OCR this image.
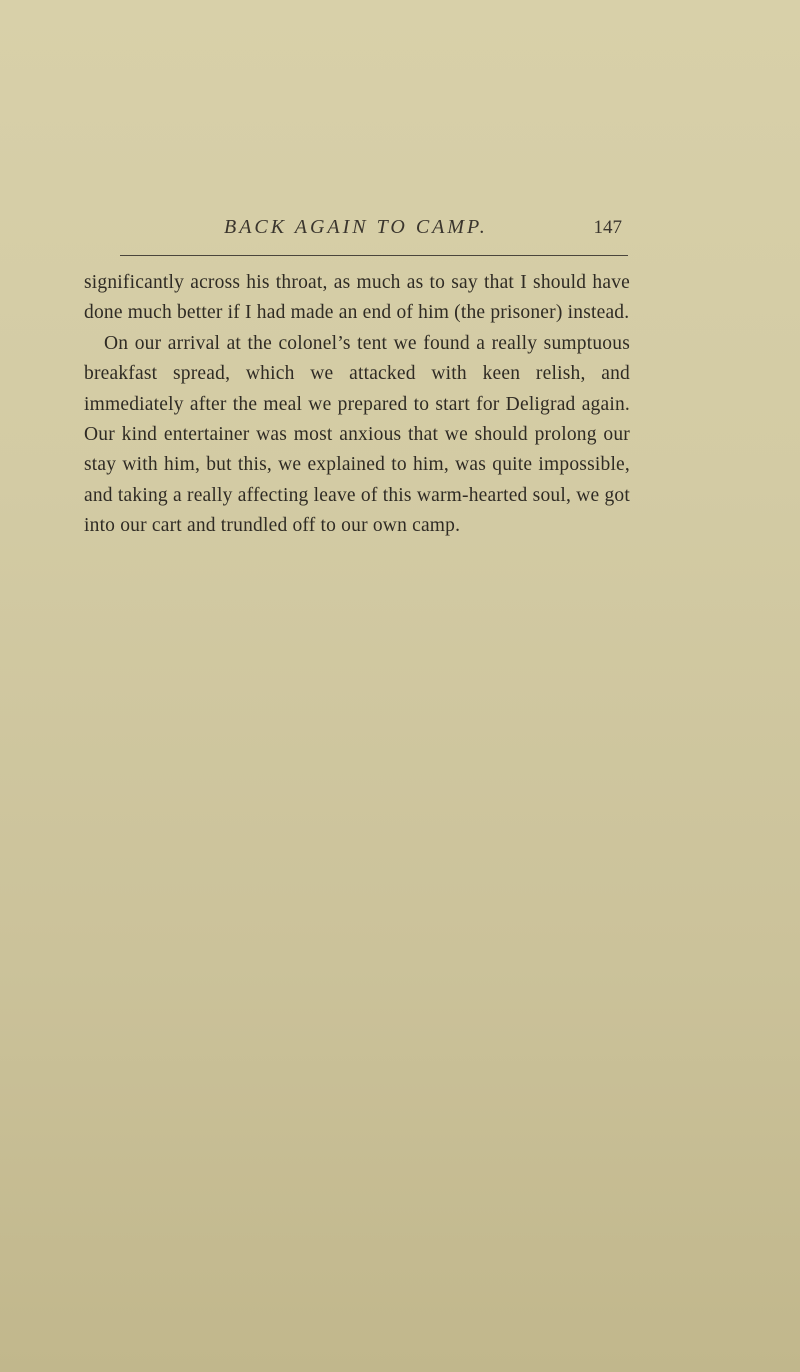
BACK AGAIN TO CAMP.	147

significantly across his throat, as much as to say that I should have done much better if I had made an end of him (the prisoner) instead.

On our arrival at the colonel’s tent we found a really sumptuous breakfast spread, which we attacked with keen relish, and immediately after the meal we prepared to start for Deligrad again. Our kind entertainer was most anxious that we should prolong our stay with him, but this, we explained to him, was quite impossible, and taking a really affecting leave of this warm-hearted soul, we got into our cart and trundled off to our own camp.
